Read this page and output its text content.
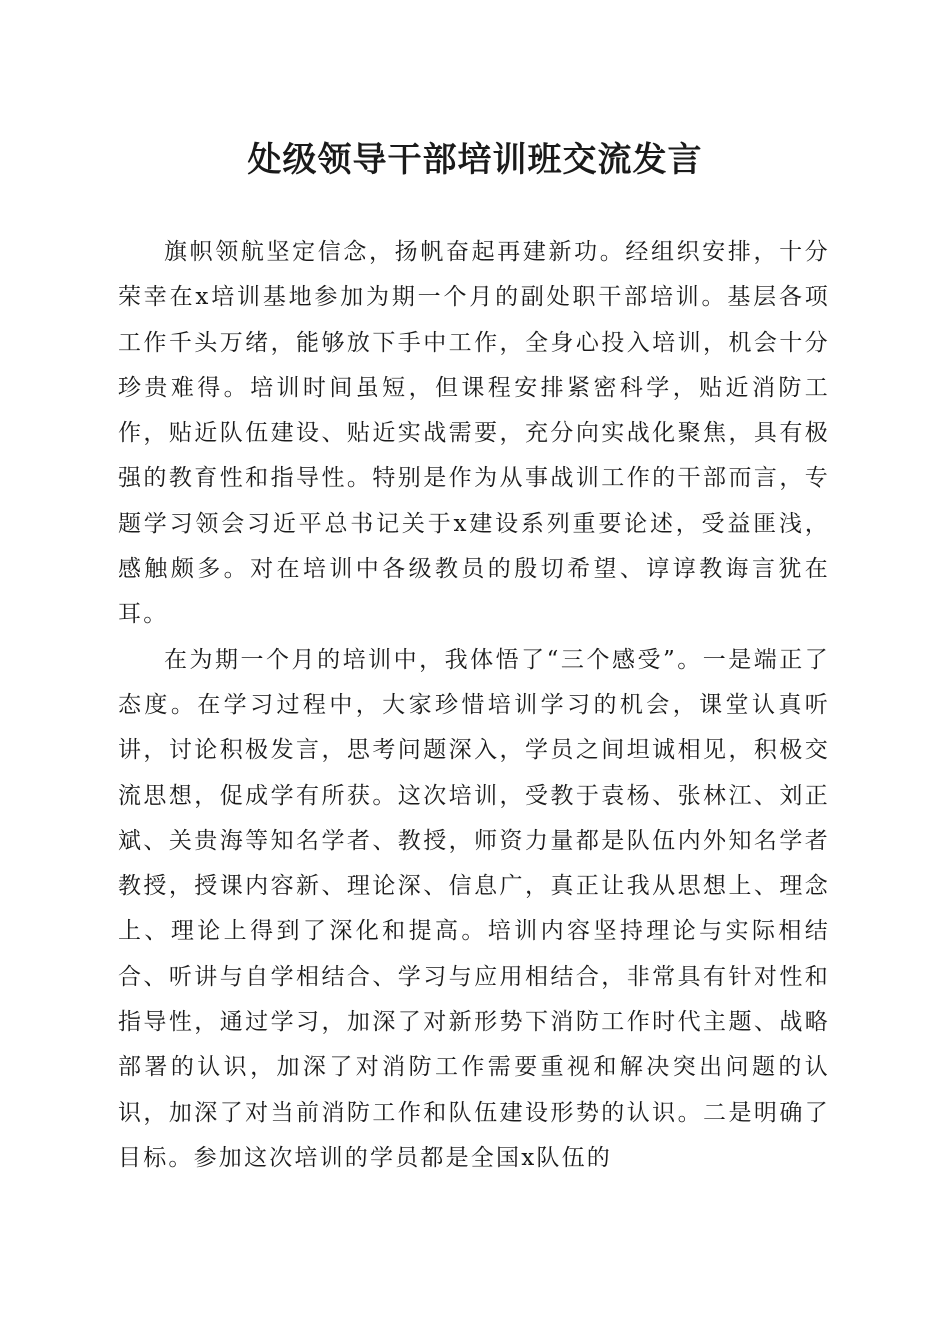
处级领导干部培训班交流发言

旗帜领航坚定信念，扬帆奋起再建新功。经组织安排，十分荣幸在x培训基地参加为期一个月的副处职干部培训。基层各项工作千头万绪，能够放下手中工作，全身心投入培训，机会十分珍贵难得。培训时间虽短，但课程安排紧密科学，贴近消防工作，贴近队伍建设、贴近实战需要，充分向实战化聚焦，具有极强的教育性和指导性。特别是作为从事战训工作的干部而言，专题学习领会习近平总书记关于x建设系列重要论述，受益匪浅，感触颇多。对在培训中各级教员的殷切希望、谆谆教诲言犹在耳。

在为期一个月的培训中，我体悟了“三个感受”。一是端正了态度。在学习过程中，大家珍惜培训学习的机会，课堂认真听讲，讨论积极发言，思考问题深入，学员之间坦诚相见，积极交流思想，促成学有所获。这次培训，受教于袁杨、张林江、刘正斌、关贵海等知名学者、教授，师资力量都是队伍内外知名学者教授，授课内容新、理论深、信息广，真正让我从思想上、理念上、理论上得到了深化和提高。培训内容坚持理论与实际相结合、听讲与自学相结合、学习与应用相结合，非常具有针对性和指导性，通过学习，加深了对新形势下消防工作时代主题、战略部署的认识，加深了对消防工作需要重视和解决突出问题的认识，加深了对当前消防工作和队伍建设形势的认识。二是明确了目标。参加这次培训的学员都是全国x队伍的
